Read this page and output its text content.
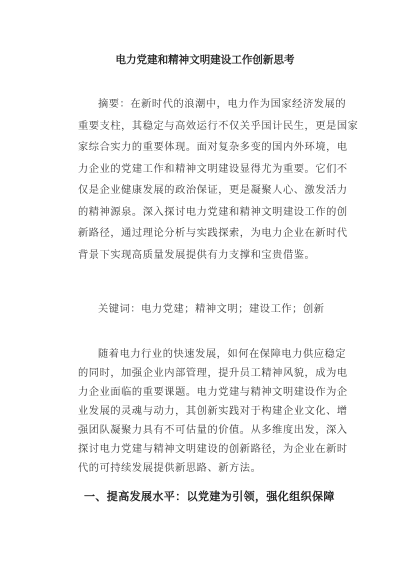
电力党建和精神文明建设工作创新思考
摘要：在新时代的浪潮中，电力作为国家经济发展的
重要支柱，其稳定与高效运行不仅关乎国计民生，更是国家
家综合实力的重要体现。面对复杂多变的国内外环境，电
力企业的党建工作和精神文明建设显得尤为重要。它们不
仅是企业健康发展的政治保证，更是凝聚人心、激发活力
的精神源泉。深入探讨电力党建和精神文明建设工作的创
新路径，通过理论分析与实践探索，为电力企业在新时代
背景下实现高质量发展提供有力支撑和宝贵借鉴。
关键词：电力党建；精神文明；建设工作；创新
随着电力行业的快速发展，如何在保障电力供应稳定
的同时，加强企业内部管理，提升员工精神风貌，成为电
力企业面临的重要课题。电力党建与精神文明建设作为企
业发展的灵魂与动力，其创新实践对于构建企业文化、增
强团队凝聚力具有不可估量的价值。从多维度出发，深入
探讨电力党建与精神文明建设的创新路径，为企业在新时
代的可持续发展提供新思路、新方法。
一、提高发展水平：以党建为引领，强化组织保障
